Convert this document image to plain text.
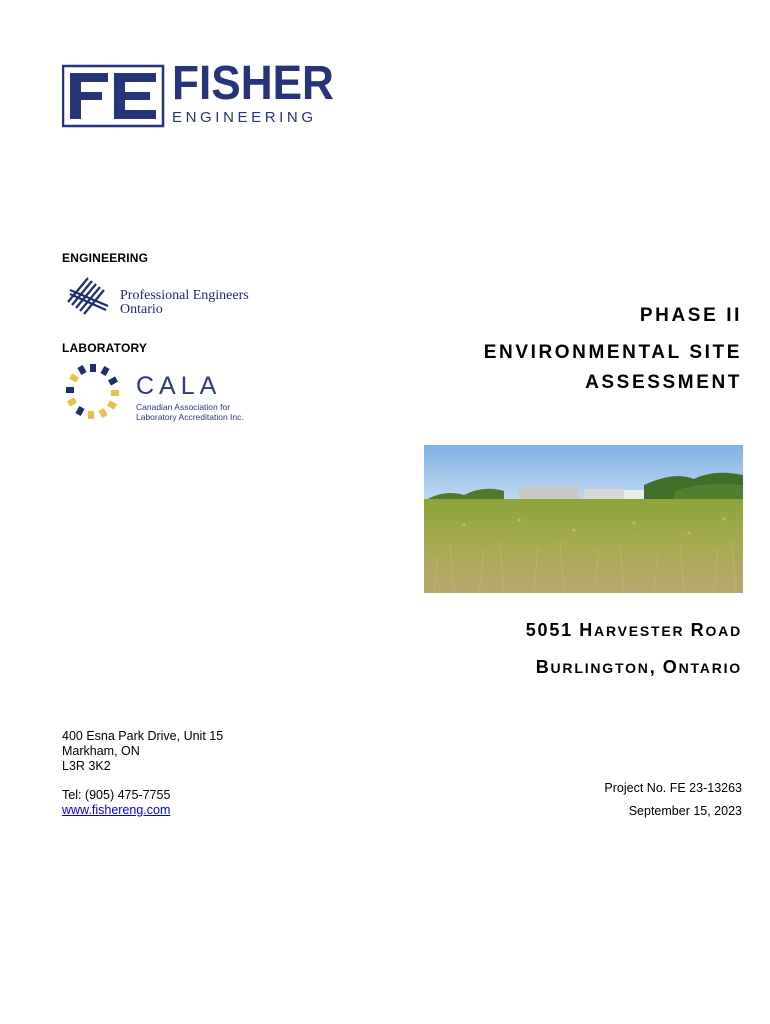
FISHER
ENGINEERING
ENGINEERING
Professional Engineers
Ontario
LABORATORY
CALA
Canadian Association for
Laboratory Accreditation Inc.
PHASE II
ENVIRONMENTAL SITE
ASSESSMENT
5051 HARVESTER ROAD
BURLINGTON, ONTARIO
400 Esna Park Drive, Unit 15
Markham, ON
L3R 3K2
Tel: (905) 475-7755
www.fishereng.com
Project No. FE 23-13263
September 15, 2023
